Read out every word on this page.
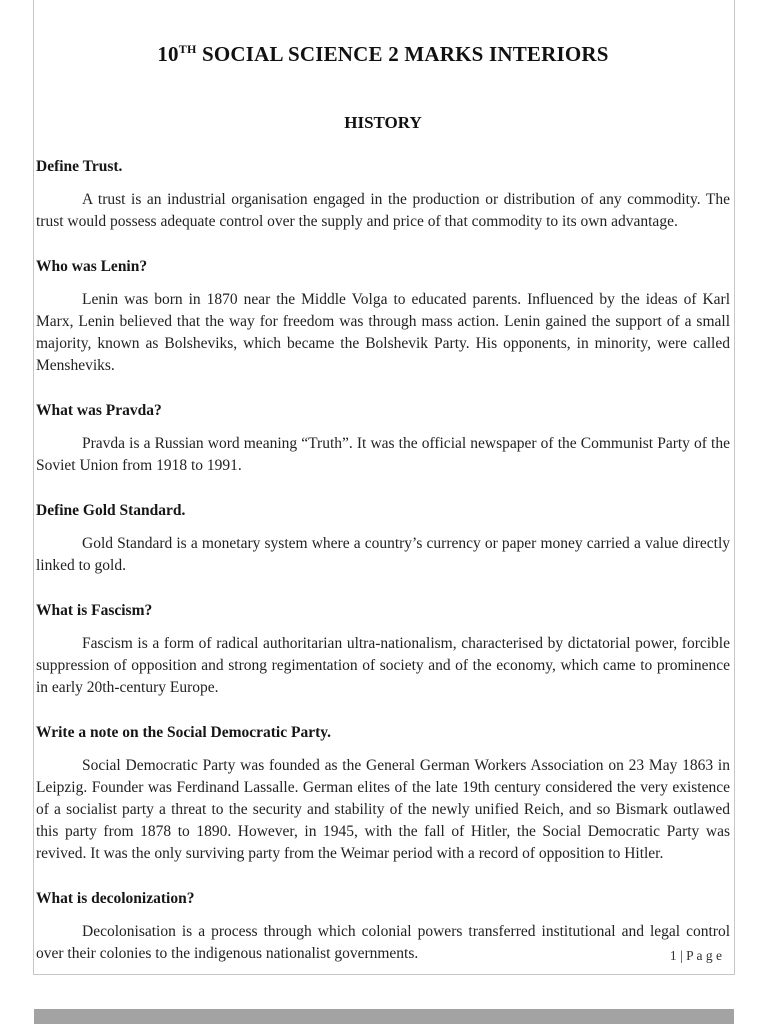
10TH SOCIAL SCIENCE 2 MARKS INTERIORS
HISTORY
Define Trust.

A trust is an industrial organisation engaged in the production or distribution of any commodity. The trust would possess adequate control over the supply and price of that commodity to its own advantage.

Who was Lenin?

Lenin was born in 1870 near the Middle Volga to educated parents. Influenced by the ideas of Karl Marx, Lenin believed that the way for freedom was through mass action. Lenin gained the support of a small majority, known as Bolsheviks, which became the Bolshevik Party. His opponents, in minority, were called Mensheviks.

What was Pravda?

Pravda is a Russian word meaning “Truth”. It was the official newspaper of the Communist Party of the Soviet Union from 1918 to 1991.

Define Gold Standard.

Gold Standard is a monetary system where a country’s currency or paper money carried a value directly linked to gold.

What is Fascism?

Fascism is a form of radical authoritarian ultra-nationalism, characterised by dictatorial power, forcible suppression of opposition and strong regimentation of society and of the economy, which came to prominence in early 20th-century Europe.

Write a note on the Social Democratic Party.

Social Democratic Party was founded as the General German Workers Association on 23 May 1863 in Leipzig. Founder was Ferdinand Lassalle. German elites of the late 19th century considered the very existence of a socialist party a threat to the security and stability of the newly unified Reich, and so Bismark outlawed this party from 1878 to 1890. However, in 1945, with the fall of Hitler, the Social Democratic Party was revived. It was the only surviving party from the Weimar period with a record of opposition to Hitler.

What is decolonization?

Decolonisation is a process through which colonial powers transferred institutional and legal control over their colonies to the indigenous nationalist governments.	1 | P a g e
